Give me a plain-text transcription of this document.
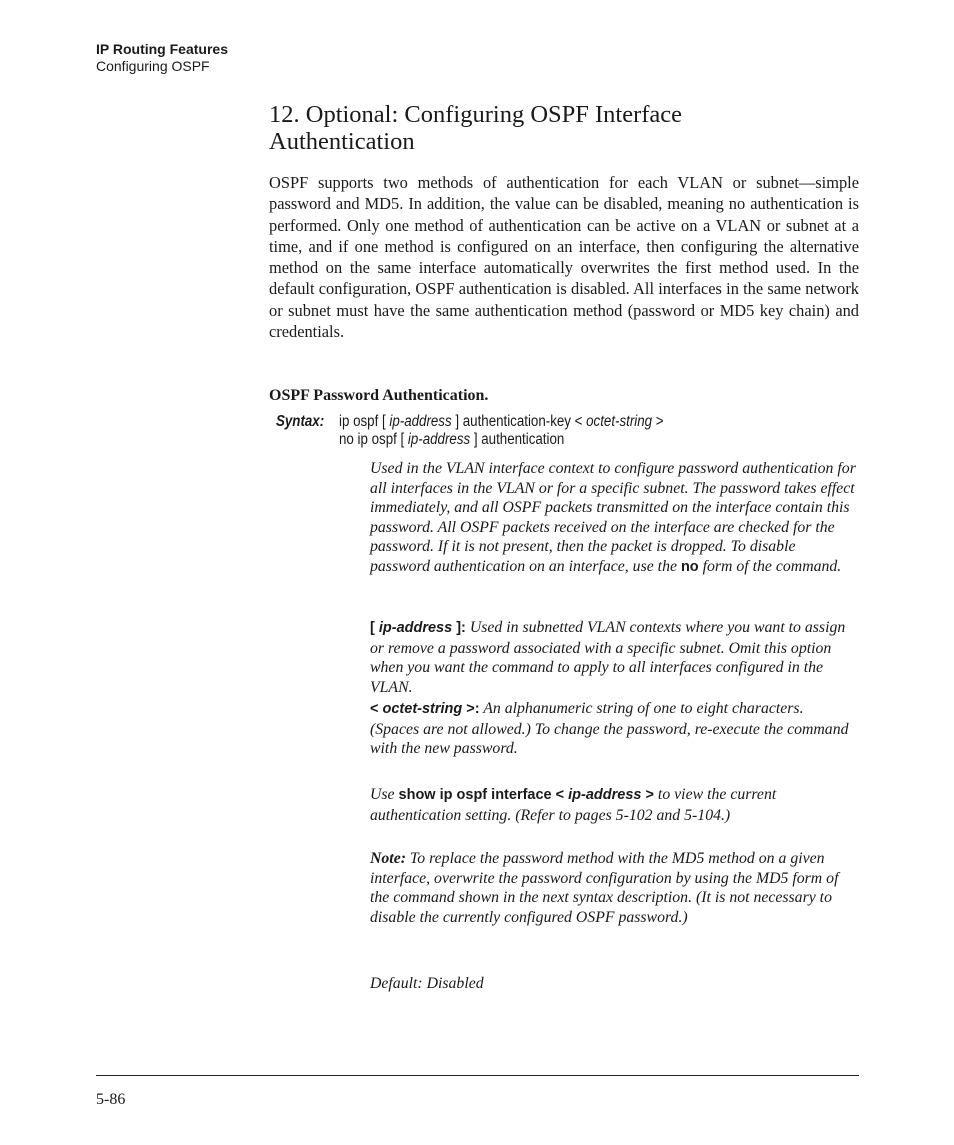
IP Routing Features
Configuring OSPF
12. Optional: Configuring OSPF Interface Authentication

OSPF supports two methods of authentication for each VLAN or subnet—simple password and MD5. In addition, the value can be disabled, meaning no authentication is performed. Only one method of authentication can be active on a VLAN or subnet at a time, and if one method is configured on an interface, then configuring the alternative method on the same interface automatically overwrites the first method used. In the default configuration, OSPF authentication is disabled. All interfaces in the same network or subnet must have the same authentication method (password or MD5 key chain) and credentials.

OSPF Password Authentication.
Syntax: ip ospf [ ip-address ] authentication-key < octet-string >
no ip ospf [ ip-address ] authentication

Used in the VLAN interface context to configure password authentication for all interfaces in the VLAN or for a specific subnet. The password takes effect immediately, and all OSPF packets transmitted on the interface contain this password. All OSPF packets received on the interface are checked for the password. If it is not present, then the packet is dropped. To disable password authentication on an interface, use the no form of the command.

[ ip-address ]: Used in subnetted VLAN contexts where you want to assign or remove a password associated with a specific subnet. Omit this option when you want the command to apply to all interfaces configured in the VLAN.

< octet-string >: An alphanumeric string of one to eight characters. (Spaces are not allowed.) To change the password, re-execute the command with the new password.

Use show ip ospf interface < ip-address > to view the current authentication setting. (Refer to pages 5-102 and 5-104.)

Note: To replace the password method with the MD5 method on a given interface, overwrite the password configuration by using the MD5 form of the command shown in the next syntax description. (It is not necessary to disable the currently configured OSPF password.)

Default: Disabled

5-86
